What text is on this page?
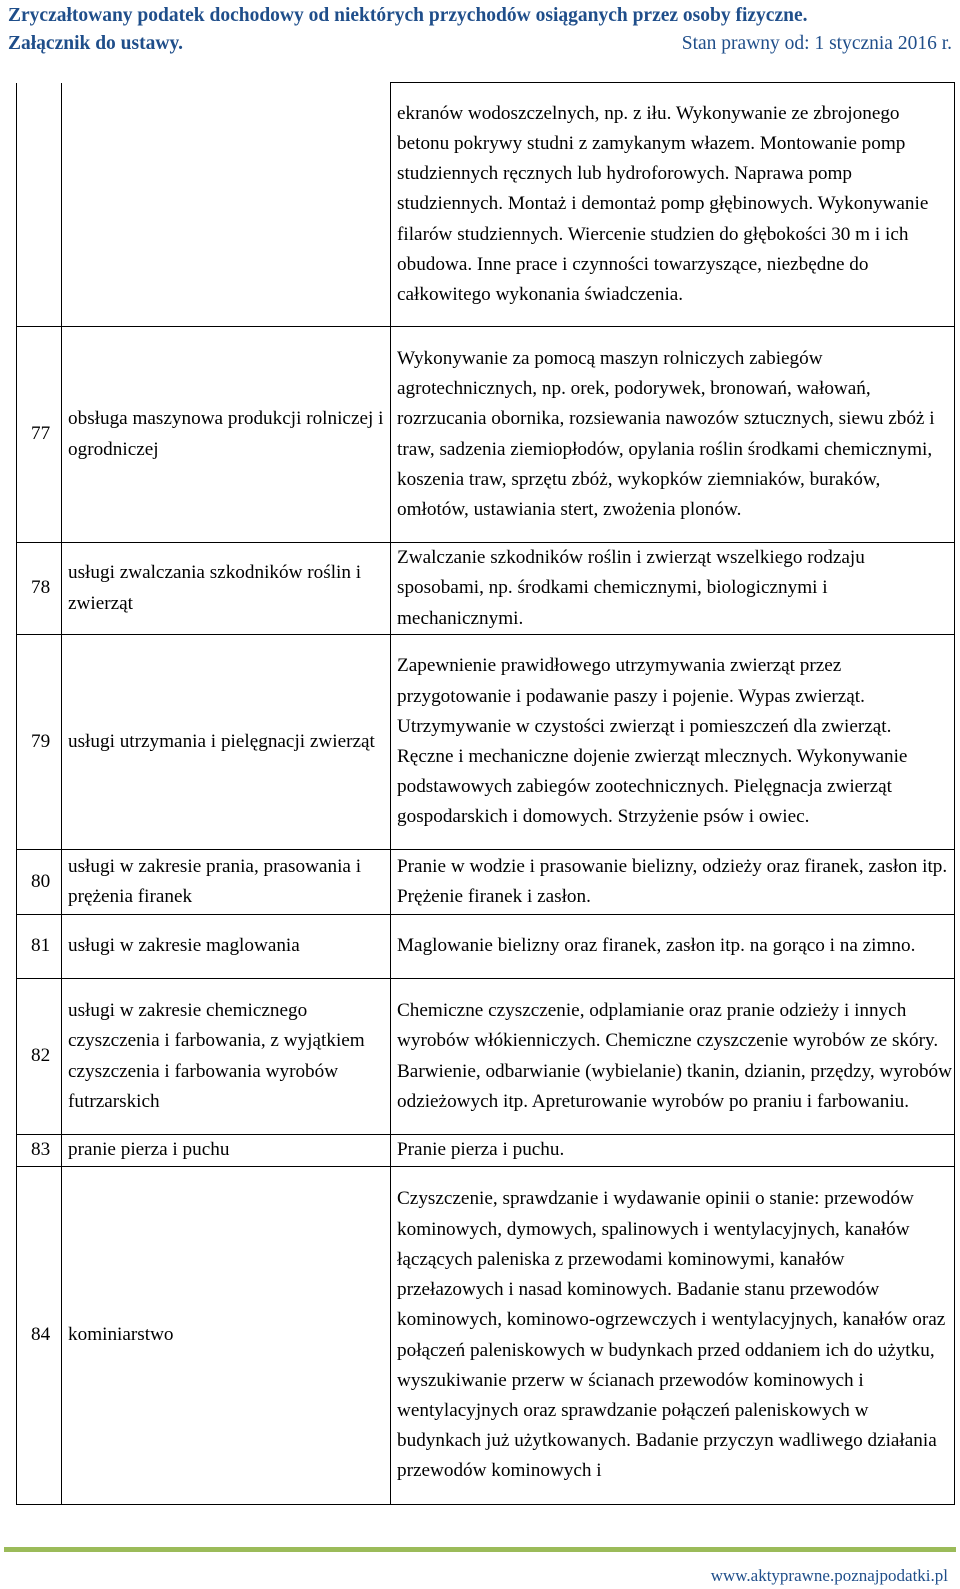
Zryczałtowany podatek dochodowy od niektórych przychodów osiąganych przez osoby fizyczne.
Załącznik do ustawy.	Stan prawny od: 1 stycznia 2016 r.
		ekranów wodoszczelnych, np. z iłu. Wykonywanie ze zbrojonego betonu pokrywy studni z zamykanym włazem. Montowanie pomp studziennych ręcznych lub hydroforowych. Naprawa pomp studziennych. Montaż i demontaż pomp głębinowych. Wykonywanie filarów studziennych. Wiercenie studzien do głębokości 30 m i ich obudowa. Inne prace i czynności towarzyszące, niezbędne do całkowitego wykonania świadczenia.
77	obsługa maszynowa produkcji rolniczej i ogrodniczej	Wykonywanie za pomocą maszyn rolniczych zabiegów agrotechnicznych, np. orek, podorywek, bronowań, wałowań, rozrzucania obornika, rozsiewania nawozów sztucznych, siewu zbóż i traw, sadzenia ziemiopłodów, opylania roślin środkami chemicznymi, koszenia traw, sprzętu zbóż, wykopków ziemniaków, buraków, omłotów, ustawiania stert, zwożenia plonów.
78	usługi zwalczania szkodników roślin i zwierząt	Zwalczanie szkodników roślin i zwierząt wszelkiego rodzaju sposobami, np. środkami chemicznymi, biologicznymi i mechanicznymi.
79	usługi utrzymania i pielęgnacji zwierząt	Zapewnienie prawidłowego utrzymywania zwierząt przez przygotowanie i podawanie paszy i pojenie. Wypas zwierząt. Utrzymywanie w czystości zwierząt i pomieszczeń dla zwierząt. Ręczne i mechaniczne dojenie zwierząt mlecznych. Wykonywanie podstawowych zabiegów zootechnicznych. Pielęgnacja zwierząt gospodarskich i domowych. Strzyżenie psów i owiec.
80	usługi w zakresie prania, prasowania i prężenia firanek	Pranie w wodzie i prasowanie bielizny, odzieży oraz firanek, zasłon itp. Prężenie firanek i zasłon.
81	usługi w zakresie maglowania	Maglowanie bielizny oraz firanek, zasłon itp. na gorąco i na zimno.
82	usługi w zakresie chemicznego czyszczenia i farbowania, z wyjątkiem czyszczenia i farbowania wyrobów futrzarskich	Chemiczne czyszczenie, odplamianie oraz pranie odzieży i innych wyrobów włókienniczych. Chemiczne czyszczenie wyrobów ze skóry. Barwienie, odbarwianie (wybielanie) tkanin, dzianin, przędzy, wyrobów odzieżowych itp. Apreturowanie wyrobów po praniu i farbowaniu.
83	pranie pierza i puchu	Pranie pierza i puchu.
84	kominiarstwo	Czyszczenie, sprawdzanie i wydawanie opinii o stanie: przewodów kominowych, dymowych, spalinowych i wentylacyjnych, kanałów łączących paleniska z przewodami kominowymi, kanałów przełazowych i nasad kominowych. Badanie stanu przewodów kominowych, kominowo-ogrzewczych i wentylacyjnych, kanałów oraz połączeń paleniskowych w budynkach przed oddaniem ich do użytku, wyszukiwanie przerw w ścianach przewodów kominowych i wentylacyjnych oraz sprawdzanie połączeń paleniskowych w budynkach już użytkowanych. Badanie przyczyn wadliwego działania przewodów kominowych i
www.aktyprawne.poznajpodatki.pl
